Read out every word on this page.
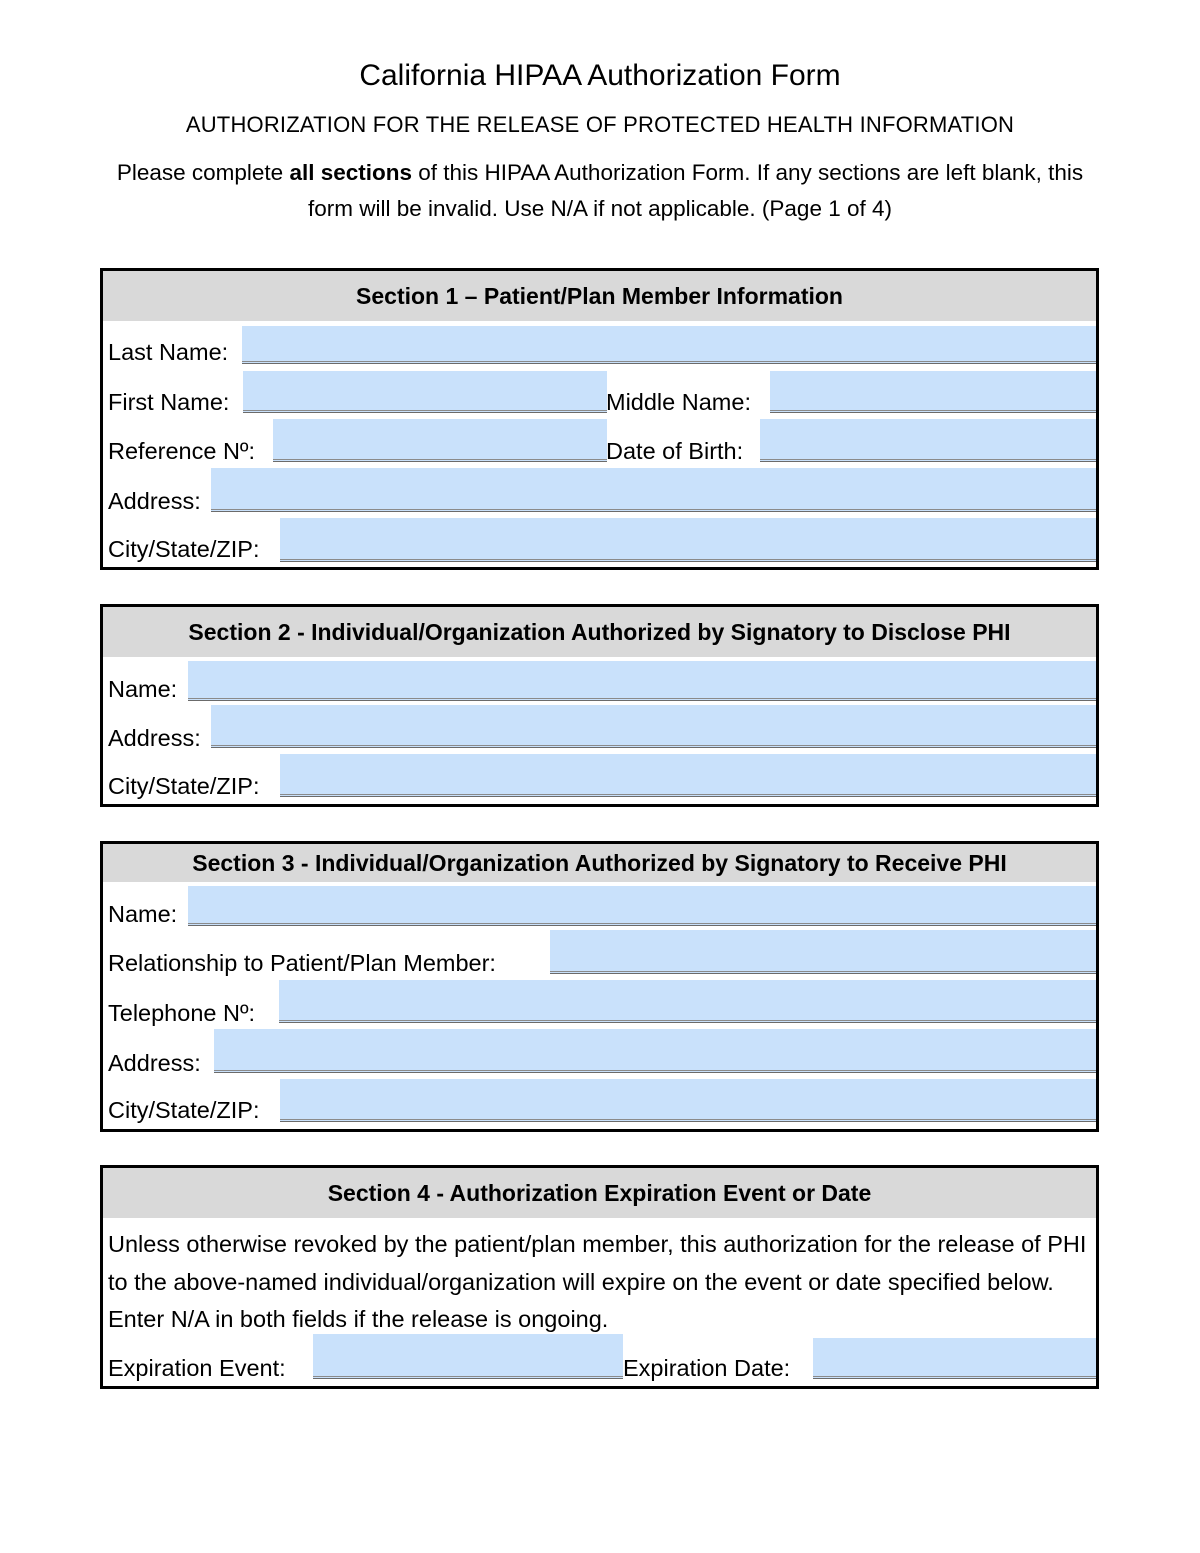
California HIPAA Authorization Form
AUTHORIZATION FOR THE RELEASE OF PROTECTED HEALTH INFORMATION
Please complete all sections of this HIPAA Authorization Form. If any sections are left blank, this form will be invalid. Use N/A if not applicable. (Page 1 of 4)
Section 1 – Patient/Plan Member Information
Last Name:
First Name:	Middle Name:
Reference Nº:	Date of Birth:
Address:
City/State/ZIP:
Section 2 - Individual/Organization Authorized by Signatory to Disclose PHI
Name:
Address:
City/State/ZIP:
Section 3 - Individual/Organization Authorized by Signatory to Receive PHI
Name:
Relationship to Patient/Plan Member:
Telephone Nº:
Address:
City/State/ZIP:
Section 4 - Authorization Expiration Event or Date
Unless otherwise revoked by the patient/plan member, this authorization for the release of PHI to the above-named individual/organization will expire on the event or date specified below. Enter N/A in both fields if the release is ongoing.
Expiration Event:	Expiration Date:
